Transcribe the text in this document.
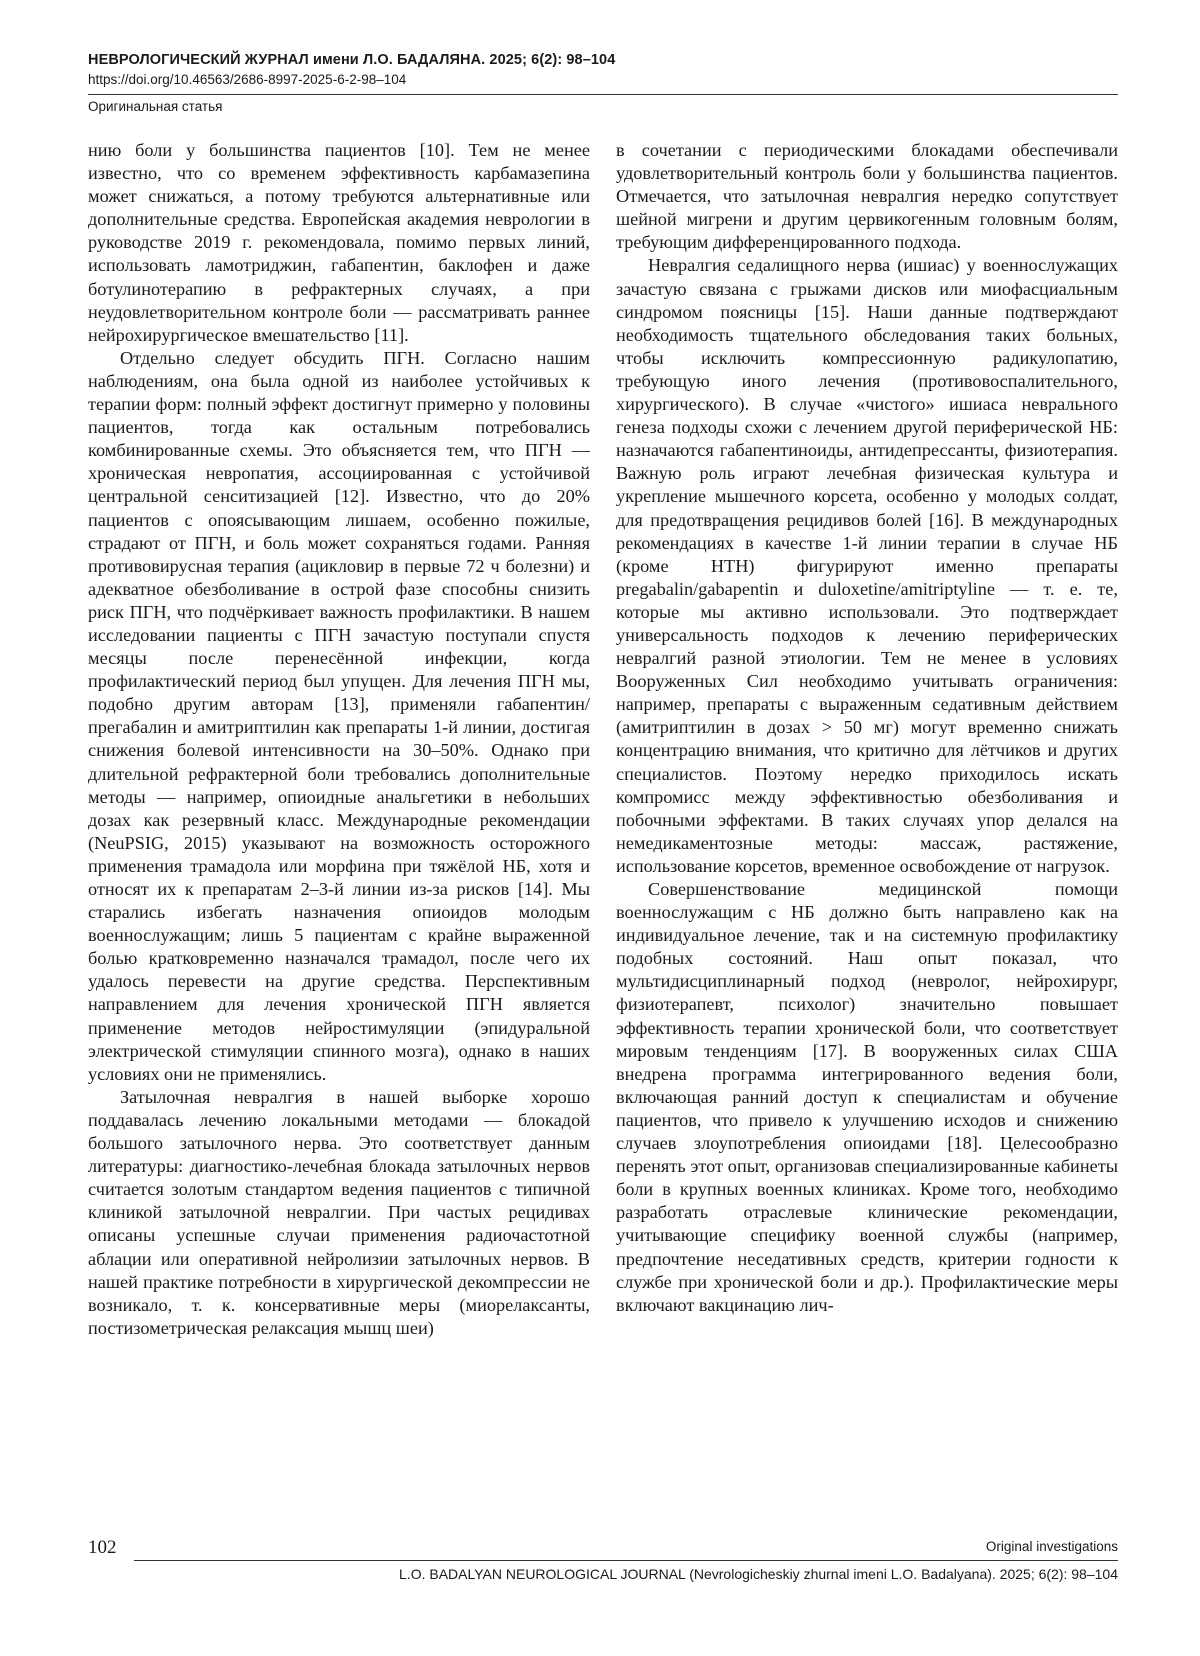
НЕВРОЛОГИЧЕСКИЙ ЖУРНАЛ имени Л.О. БАДАЛЯНА. 2025; 6(2): 98–104
https://doi.org/10.46563/2686-8997-2025-6-2-98–104
Оригинальная статья

нию боли у большинства пациентов [10]. Тем не менее известно, что со временем эффективность карбамазепина может снижаться, а потому требуются альтернативные или дополнительные средства. Европейская академия неврологии в руководстве 2019 г. рекомендовала, помимо первых линий, использовать ламотриджин, габапентин, баклофен и даже ботулинотерапию в рефрактерных случаях, а при неудовлетворительном контроле боли — рассматривать раннее нейрохирургическое вмешательство [11].

Отдельно следует обсудить ПГН. Согласно нашим наблюдениям, она была одной из наиболее устойчивых к терапии форм: полный эффект достигнут примерно у половины пациентов, тогда как остальным потребовались комбинированные схемы. Это объясняется тем, что ПГН — хроническая невропатия, ассоциированная с устойчивой центральной сенситизацией [12]. Известно, что до 20% пациентов с опоясывающим лишаем, особенно пожилые, страдают от ПГН, и боль может сохраняться годами. Ранняя противовирусная терапия (ацикловир в первые 72 ч болезни) и адекватное обезболивание в острой фазе способны снизить риск ПГН, что подчёркивает важность профилактики. В нашем исследовании пациенты с ПГН зачастую поступали спустя месяцы после перенесённой инфекции, когда профилактический период был упущен. Для лечения ПГН мы, подобно другим авторам [13], применяли габапентин/прегабалин и амитриптилин как препараты 1-й линии, достигая снижения болевой интенсивности на 30–50%. Однако при длительной рефрактерной боли требовались дополнительные методы — например, опиоидные анальгетики в небольших дозах как резервный класс. Международные рекомендации (NeuPSIG, 2015) указывают на возможность осторожного применения трамадола или морфина при тяжёлой НБ, хотя и относят их к препаратам 2–3-й линии из-за рисков [14]. Мы старались избегать назначения опиоидов молодым военнослужащим; лишь 5 пациентам с крайне выраженной болью кратковременно назначался трамадол, после чего их удалось перевести на другие средства. Перспективным направлением для лечения хронической ПГН является применение методов нейростимуляции (эпидуральной электрической стимуляции спинного мозга), однако в наших условиях они не применялись.

Затылочная невралгия в нашей выборке хорошо поддавалась лечению локальными методами — блокадой большого затылочного нерва. Это соответствует данным литературы: диагностико-лечебная блокада затылочных нервов считается золотым стандартом ведения пациентов с типичной клиникой затылочной невралгии. При частых рецидивах описаны успешные случаи применения радиочастотной аблации или оперативной нейролизии затылочных нервов. В нашей практике потребности в хирургической декомпрессии не возникало, т. к. консервативные меры (миорелаксанты, постизометрическая релаксация мышц шеи)

в сочетании с периодическими блокадами обеспечивали удовлетворительный контроль боли у большинства пациентов. Отмечается, что затылочная невралгия нередко сопутствует шейной мигрени и другим цервикогенным головным болям, требующим дифференцированного подхода.

Невралгия седалищного нерва (ишиас) у военнослужащих зачастую связана с грыжами дисков или миофасциальным синдромом поясницы [15]. Наши данные подтверждают необходимость тщательного обследования таких больных, чтобы исключить компрессионную радикулопатию, требующую иного лечения (противовоспалительного, хирургического). В случае «чистого» ишиаса неврального генеза подходы схожи с лечением другой периферической НБ: назначаются габапентиноиды, антидепрессанты, физиотерапия. Важную роль играют лечебная физическая культура и укрепление мышечного корсета, особенно у молодых солдат, для предотвращения рецидивов болей [16]. В международных рекомендациях в качестве 1-й линии терапии в случае НБ (кроме НТН) фигурируют именно препараты pregabalin/gabapentin и duloxetine/amitriptyline — т. е. те, которые мы активно использовали. Это подтверждает универсальность подходов к лечению периферических невралгий разной этиологии. Тем не менее в условиях Вооруженных Сил необходимо учитывать ограничения: например, препараты с выраженным седативным действием (амитриптилин в дозах > 50 мг) могут временно снижать концентрацию внимания, что критично для лётчиков и других специалистов. Поэтому нередко приходилось искать компромисс между эффективностью обезболивания и побочными эффектами. В таких случаях упор делался на немедикаментозные методы: массаж, растяжение, использование корсетов, временное освобождение от нагрузок.

Совершенствование медицинской помощи военнослужащим с НБ должно быть направлено как на индивидуальное лечение, так и на системную профилактику подобных состояний. Наш опыт показал, что мультидисциплинарный подход (невролог, нейрохирург, физиотерапевт, психолог) значительно повышает эффективность терапии хронической боли, что соответствует мировым тенденциям [17]. В вооруженных силах США внедрена программа интегрированного ведения боли, включающая ранний доступ к специалистам и обучение пациентов, что привело к улучшению исходов и снижению случаев злоупотребления опиоидами [18]. Целесообразно перенять этот опыт, организовав специализированные кабинеты боли в крупных военных клиниках. Кроме того, необходимо разработать отраслевые клинические рекомендации, учитывающие специфику военной службы (например, предпочтение неседативных средств, критерии годности к службе при хронической боли и др.). Профилактические меры включают вакцинацию лич-

102	Original investigations
L.O. BADALYAN NEUROLOGICAL JOURNAL (Nevrologicheskiy zhurnal imeni L.O. Badalyana). 2025; 6(2): 98–104
